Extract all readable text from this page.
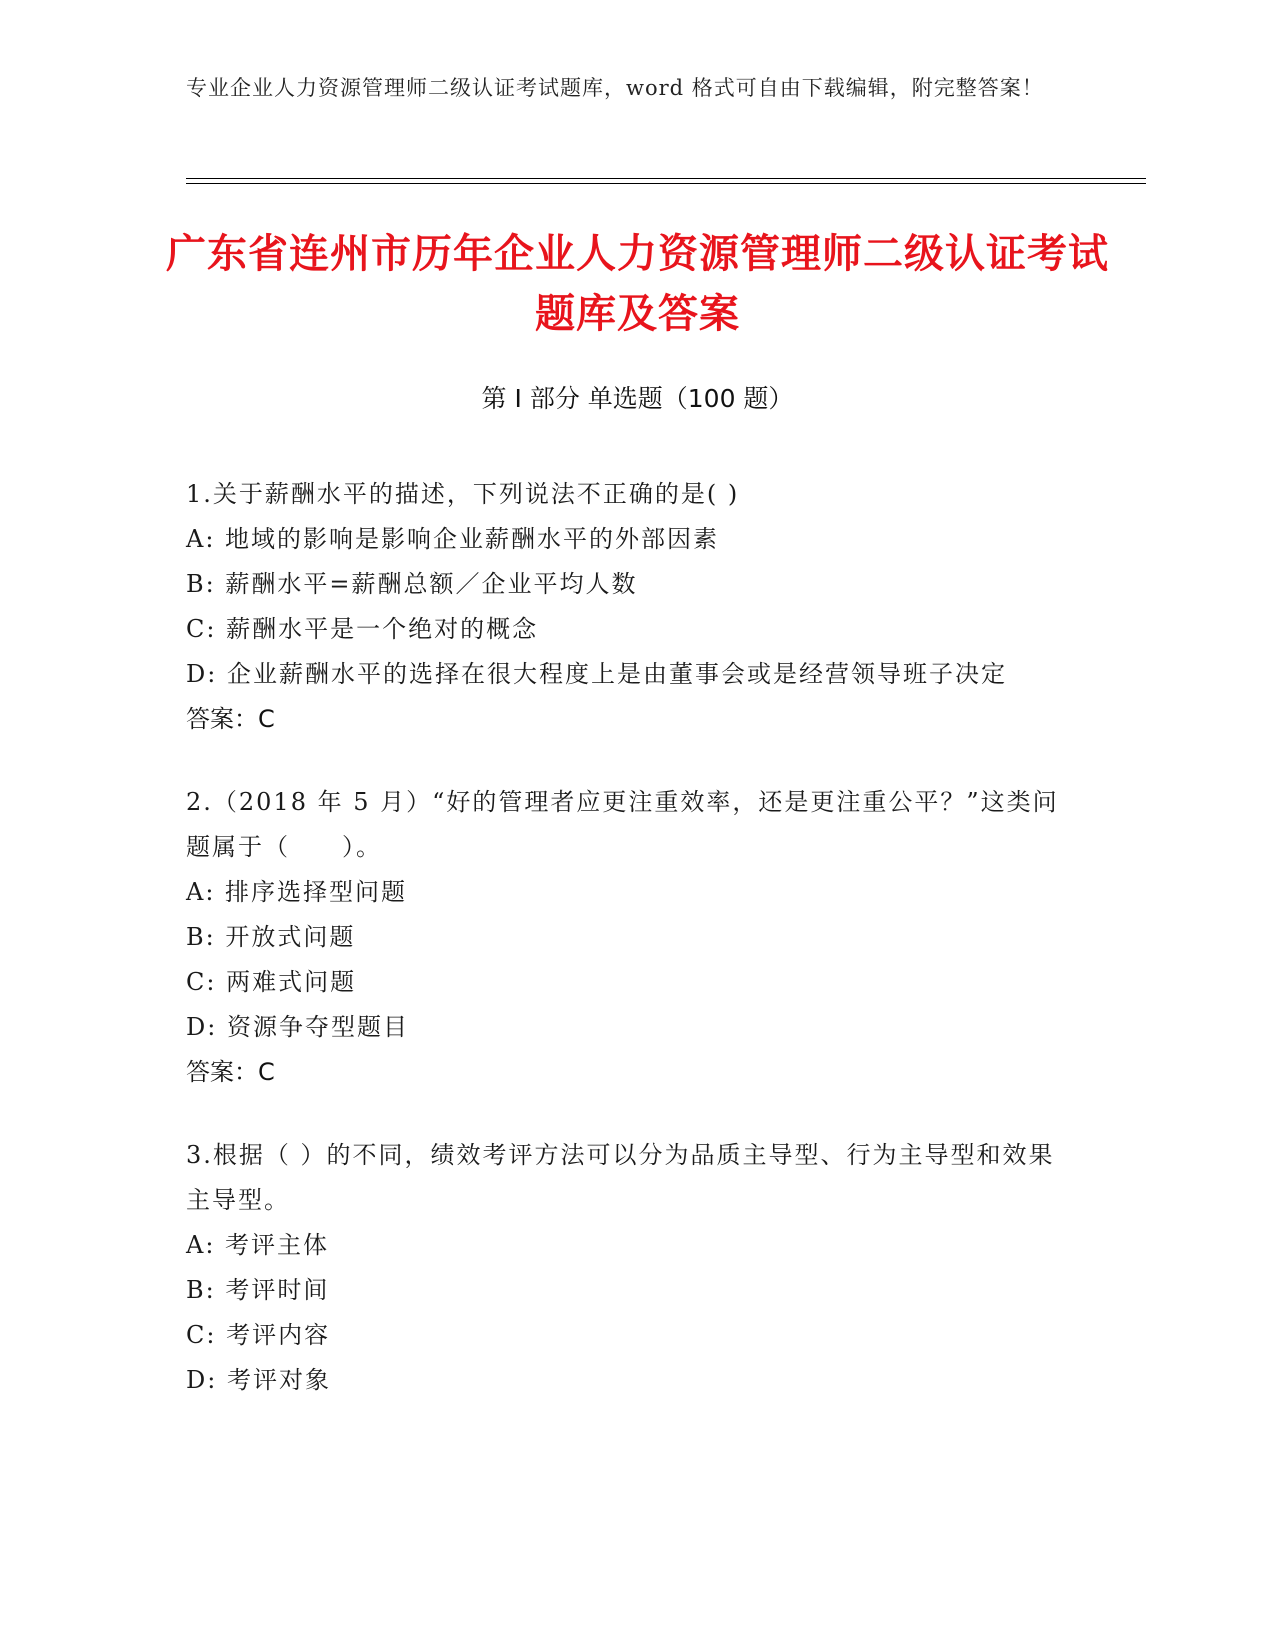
专业企业人力资源管理师二级认证考试题库，word 格式可自由下载编辑，附完整答案！
广东省连州市历年企业人力资源管理师二级认证考试题库及答案
第 I 部分 单选题（100 题）
1.关于薪酬水平的描述，下列说法不正确的是( )
A: 地域的影响是影响企业薪酬水平的外部因素
B: 薪酬水平=薪酬总额／企业平均人数
C: 薪酬水平是一个绝对的概念
D: 企业薪酬水平的选择在很大程度上是由董事会或是经营领导班子决定
答案：C
2.（2018 年 5 月）“好的管理者应更注重效率，还是更注重公平？”这类问题属于（　　）。
A: 排序选择型问题
B: 开放式问题
C: 两难式问题
D: 资源争夺型题目
答案：C
3.根据（ ）的不同，绩效考评方法可以分为品质主导型、行为主导型和效果主导型。
A: 考评主体
B: 考评时间
C: 考评内容
D: 考评对象
